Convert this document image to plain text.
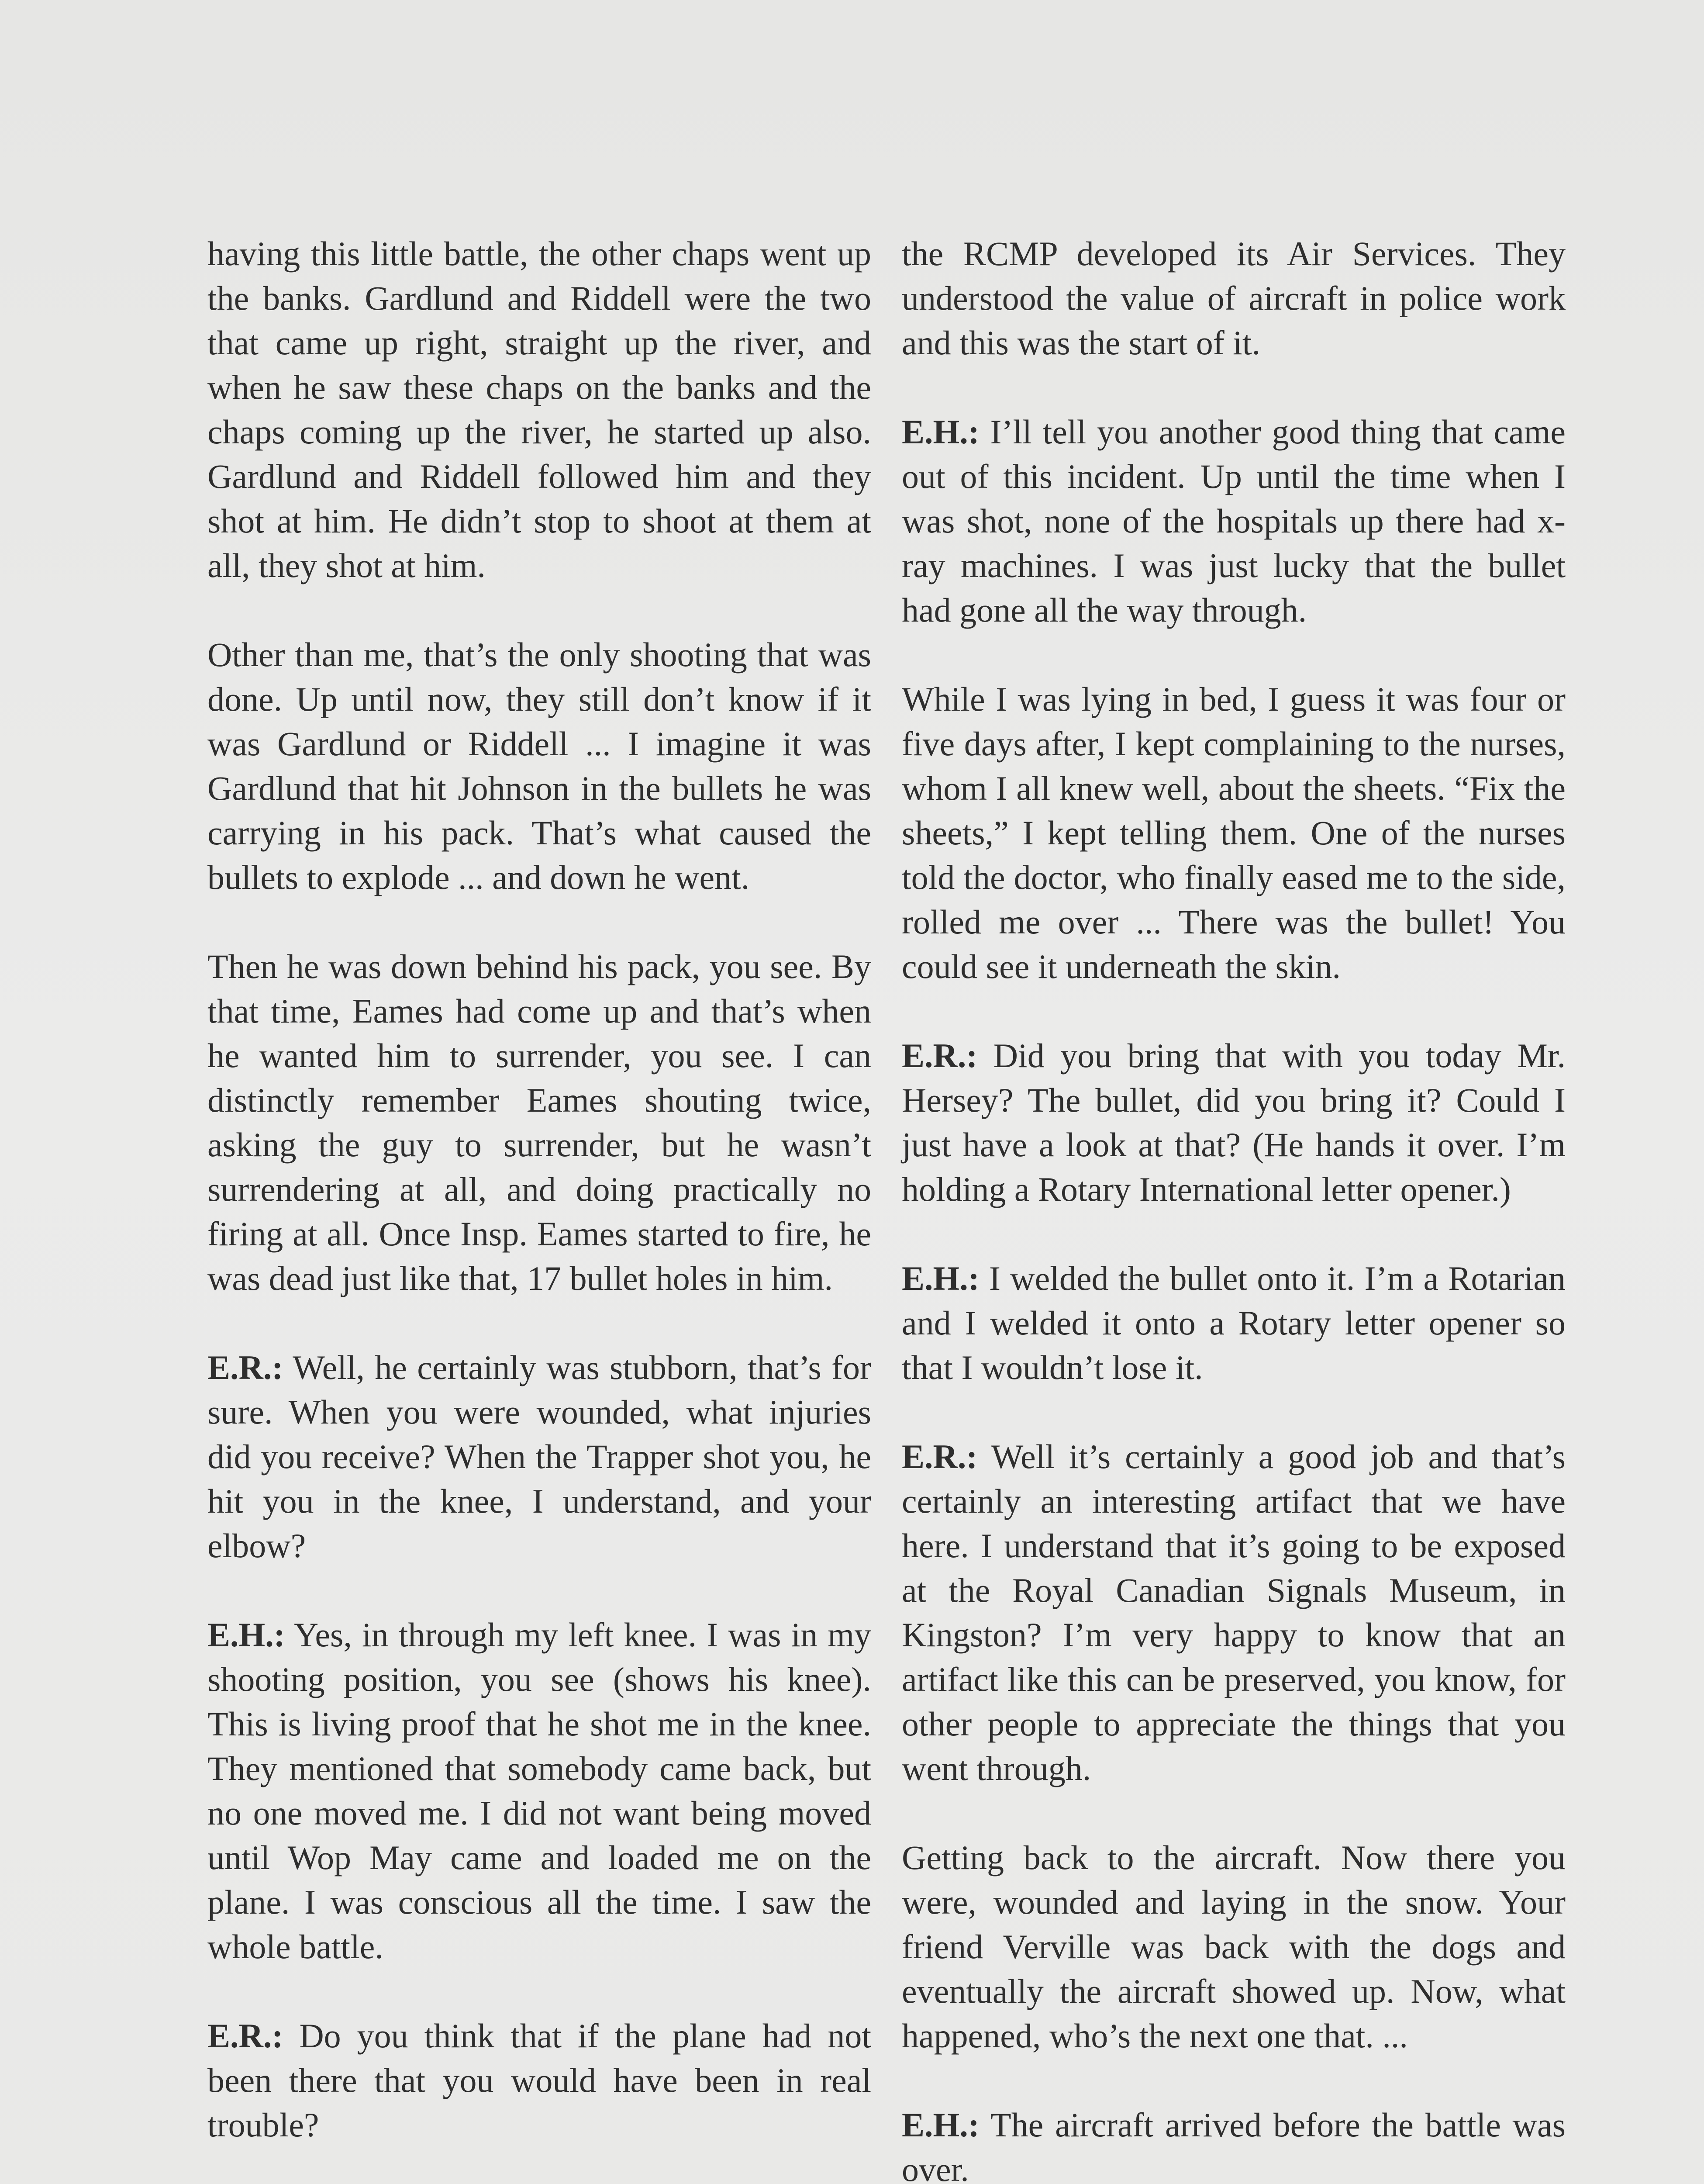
having this little battle, the other chaps went up the banks. Gardlund and Riddell were the two that came up right, straight up the river, and when he saw these chaps on the banks and the chaps coming up the river, he started up also. Gardlund and Riddell followed him and they shot at him. He didn’t stop to shoot at them at all, they shot at him.

Other than me, that’s the only shooting that was done. Up until now, they still don’t know if it was Gardlund or Riddell ... I imagine it was Gardlund that hit Johnson in the bullets he was carrying in his pack. That’s what caused the bullets to explode ... and down he went.

Then he was down behind his pack, you see. By that time, Eames had come up and that’s when he wanted him to surrender, you see. I can distinctly remember Eames shouting twice, asking the guy to surrender, but he wasn’t surrendering at all, and doing practically no firing at all. Once Insp. Eames started to fire, he was dead just like that, 17 bullet holes in him.

E.R.: Well, he certainly was stubborn, that’s for sure. When you were wounded, what injuries did you receive? When the Trapper shot you, he hit you in the knee, I understand, and your elbow?

E.H.: Yes, in through my left knee. I was in my shooting position, you see (shows his knee). This is living proof that he shot me in the knee. They mentioned that somebody came back, but no one moved me. I did not want being moved until Wop May came and loaded me on the plane. I was conscious all the time. I saw the whole battle.

E.R.: Do you think that if the plane had not been there that you would have been in real trouble?

the RCMP developed its Air Services. They understood the value of aircraft in police work and this was the start of it.

E.H.: I’ll tell you another good thing that came out of this incident. Up until the time when I was shot, none of the hospitals up there had x-ray machines. I was just lucky that the bullet had gone all the way through.

While I was lying in bed, I guess it was four or five days after, I kept complaining to the nurses, whom I all knew well, about the sheets. “Fix the sheets,” I kept telling them. One of the nurses told the doctor, who finally eased me to the side, rolled me over ... There was the bullet! You could see it underneath the skin.

E.R.: Did you bring that with you today Mr. Hersey? The bullet, did you bring it? Could I just have a look at that? (He hands it over. I’m holding a Rotary International letter opener.)

E.H.: I welded the bullet onto it. I’m a Rotarian and I welded it onto a Rotary letter opener so that I wouldn’t lose it.

E.R.: Well it’s certainly a good job and that’s certainly an interesting artifact that we have here. I understand that it’s going to be exposed at the Royal Canadian Signals Museum, in Kingston? I’m very happy to know that an artifact like this can be preserved, you know, for other people to appreciate the things that you went through.

Getting back to the aircraft. Now there you were, wounded and laying in the snow. Your friend Verville was back with the dogs and eventually the aircraft showed up. Now, what happened, who’s the next one that. ...

E.H.: The aircraft arrived before the battle was over.
